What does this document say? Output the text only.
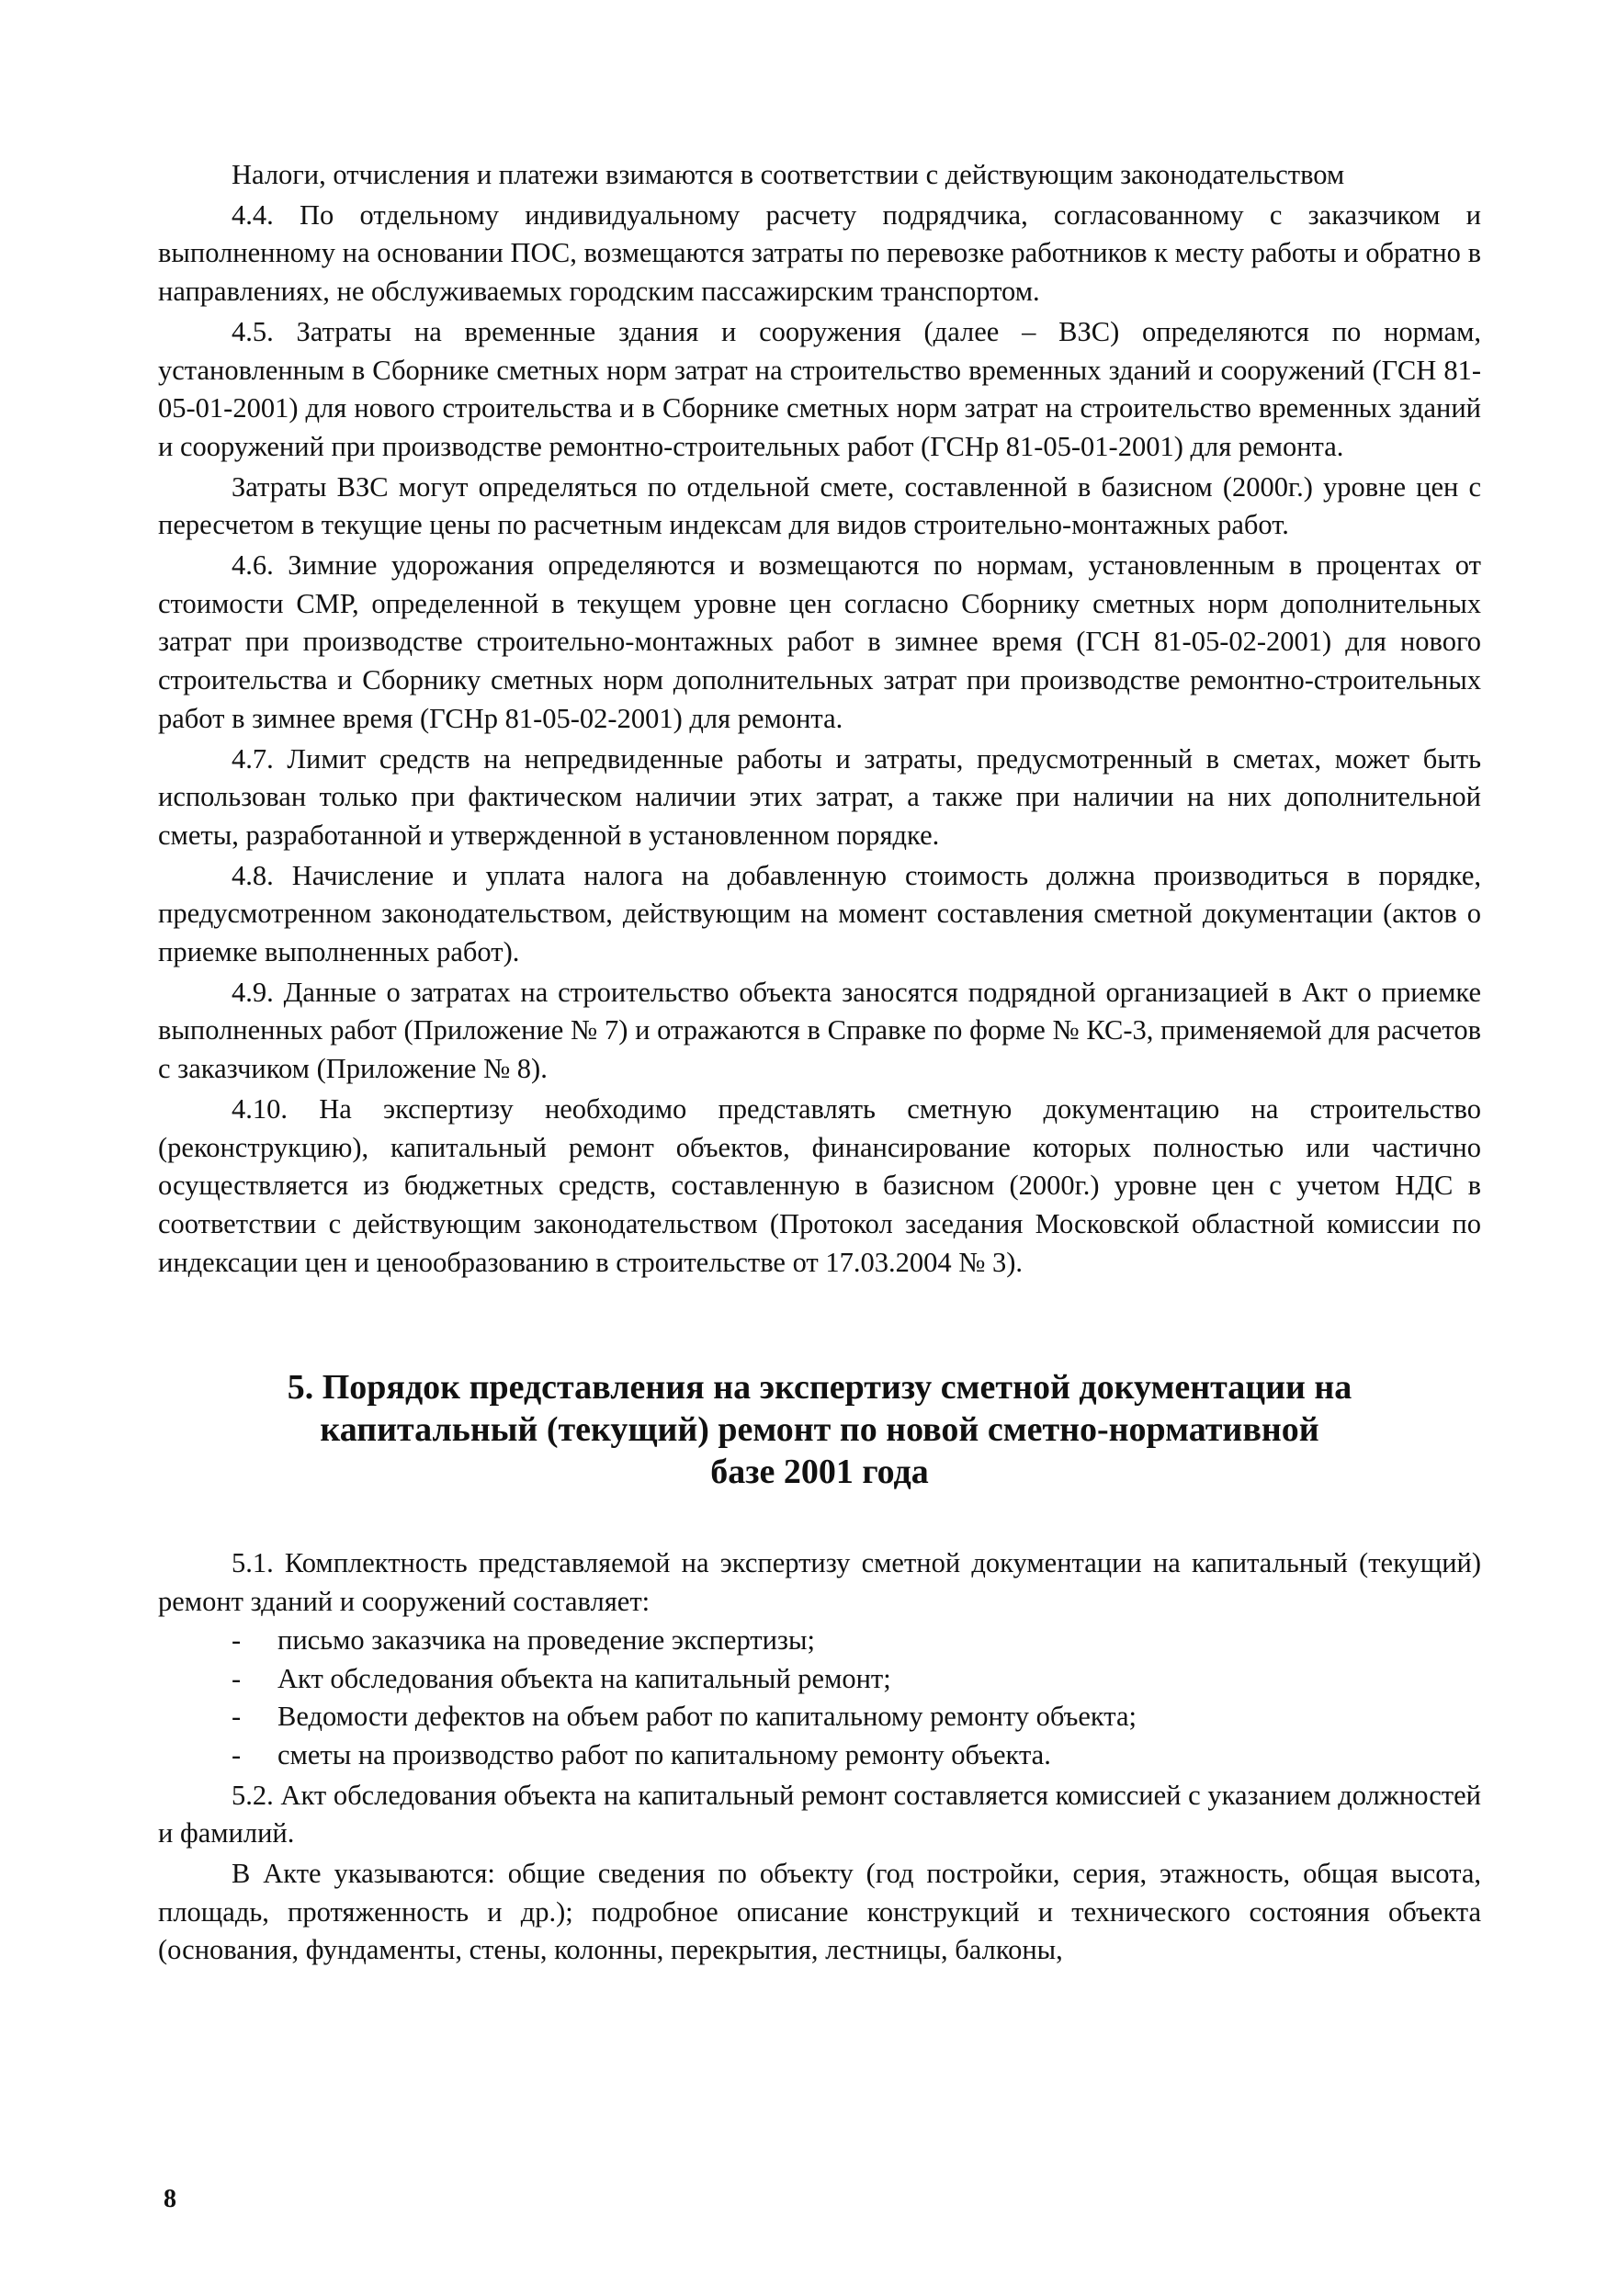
Налоги, отчисления и платежи взимаются в соответствии с действующим законодательством

4.4. По отдельному индивидуальному расчету подрядчика, согласованному с заказчиком и выполненному на основании ПОС, возмещаются затраты по перевозке работников к месту работы и обратно в направлениях, не обслуживаемых городским пассажирским транспортом.

4.5. Затраты на временные здания и сооружения (далее – ВЗС) определяются по нормам, установленным в Сборнике сметных норм затрат на строительство временных зданий и сооружений (ГСН 81-05-01-2001) для нового строительства и в Сборнике сметных норм затрат на строительство временных зданий и сооружений при производстве ремонтно-строительных работ (ГСНр 81-05-01-2001) для ремонта.

Затраты ВЗС могут определяться по отдельной смете, составленной в базисном (2000г.) уровне цен с пересчетом в текущие цены по расчетным индексам для видов строительно-монтажных работ.

4.6. Зимние удорожания определяются и возмещаются по нормам, установленным в процентах от стоимости СМР, определенной в текущем уровне цен согласно Сборнику сметных норм дополнительных затрат при производстве строительно-монтажных работ в зимнее время (ГСН 81-05-02-2001) для нового строительства и Сборнику сметных норм дополнительных затрат при производстве ремонтно-строительных работ в зимнее время (ГСНр 81-05-02-2001) для ремонта.

4.7. Лимит средств на непредвиденные работы и затраты, предусмотренный в сметах, может быть использован только при фактическом наличии этих затрат, а также при наличии на них дополнительной сметы, разработанной и утвержденной в установленном порядке.

4.8. Начисление и уплата налога на добавленную стоимость должна производиться в порядке, предусмотренном законодательством, действующим на момент составления сметной документации (актов о приемке выполненных работ).

4.9. Данные о затратах на строительство объекта заносятся подрядной организацией в Акт о приемке выполненных работ (Приложение № 7) и отражаются в Справке по форме № КС-3, применяемой для расчетов с заказчиком (Приложение № 8).

4.10. На экспертизу необходимо представлять сметную документацию на строительство (реконструкцию), капитальный ремонт объектов, финансирование которых полностью или частично осуществляется из бюджетных средств, составленную в базисном (2000г.) уровне цен с учетом НДС в соответствии с действующим законодательством (Протокол заседания Московской областной комиссии по индексации цен и ценообразованию в строительстве от 17.03.2004 № 3).

5. Порядок представления на экспертизу сметной документации на
капитальный (текущий) ремонт по новой сметно-нормативной
базе 2001 года

5.1. Комплектность представляемой на экспертизу сметной документации на капитальный (текущий) ремонт зданий и сооружений составляет:

- письмо заказчика на проведение экспертизы;
- Акт обследования объекта на капитальный ремонт;
- Ведомости дефектов на объем работ по капитальному ремонту объекта;
- сметы на производство работ по капитальному ремонту объекта.

5.2. Акт обследования объекта на капитальный ремонт составляется комиссией с указанием должностей и фамилий.

В Акте указываются: общие сведения по объекту (год постройки, серия, этажность, общая высота, площадь, протяженность и др.); подробное описание конструкций и технического состояния объекта (основания, фундаменты, стены, колонны, перекрытия, лестницы, балконы,

8
